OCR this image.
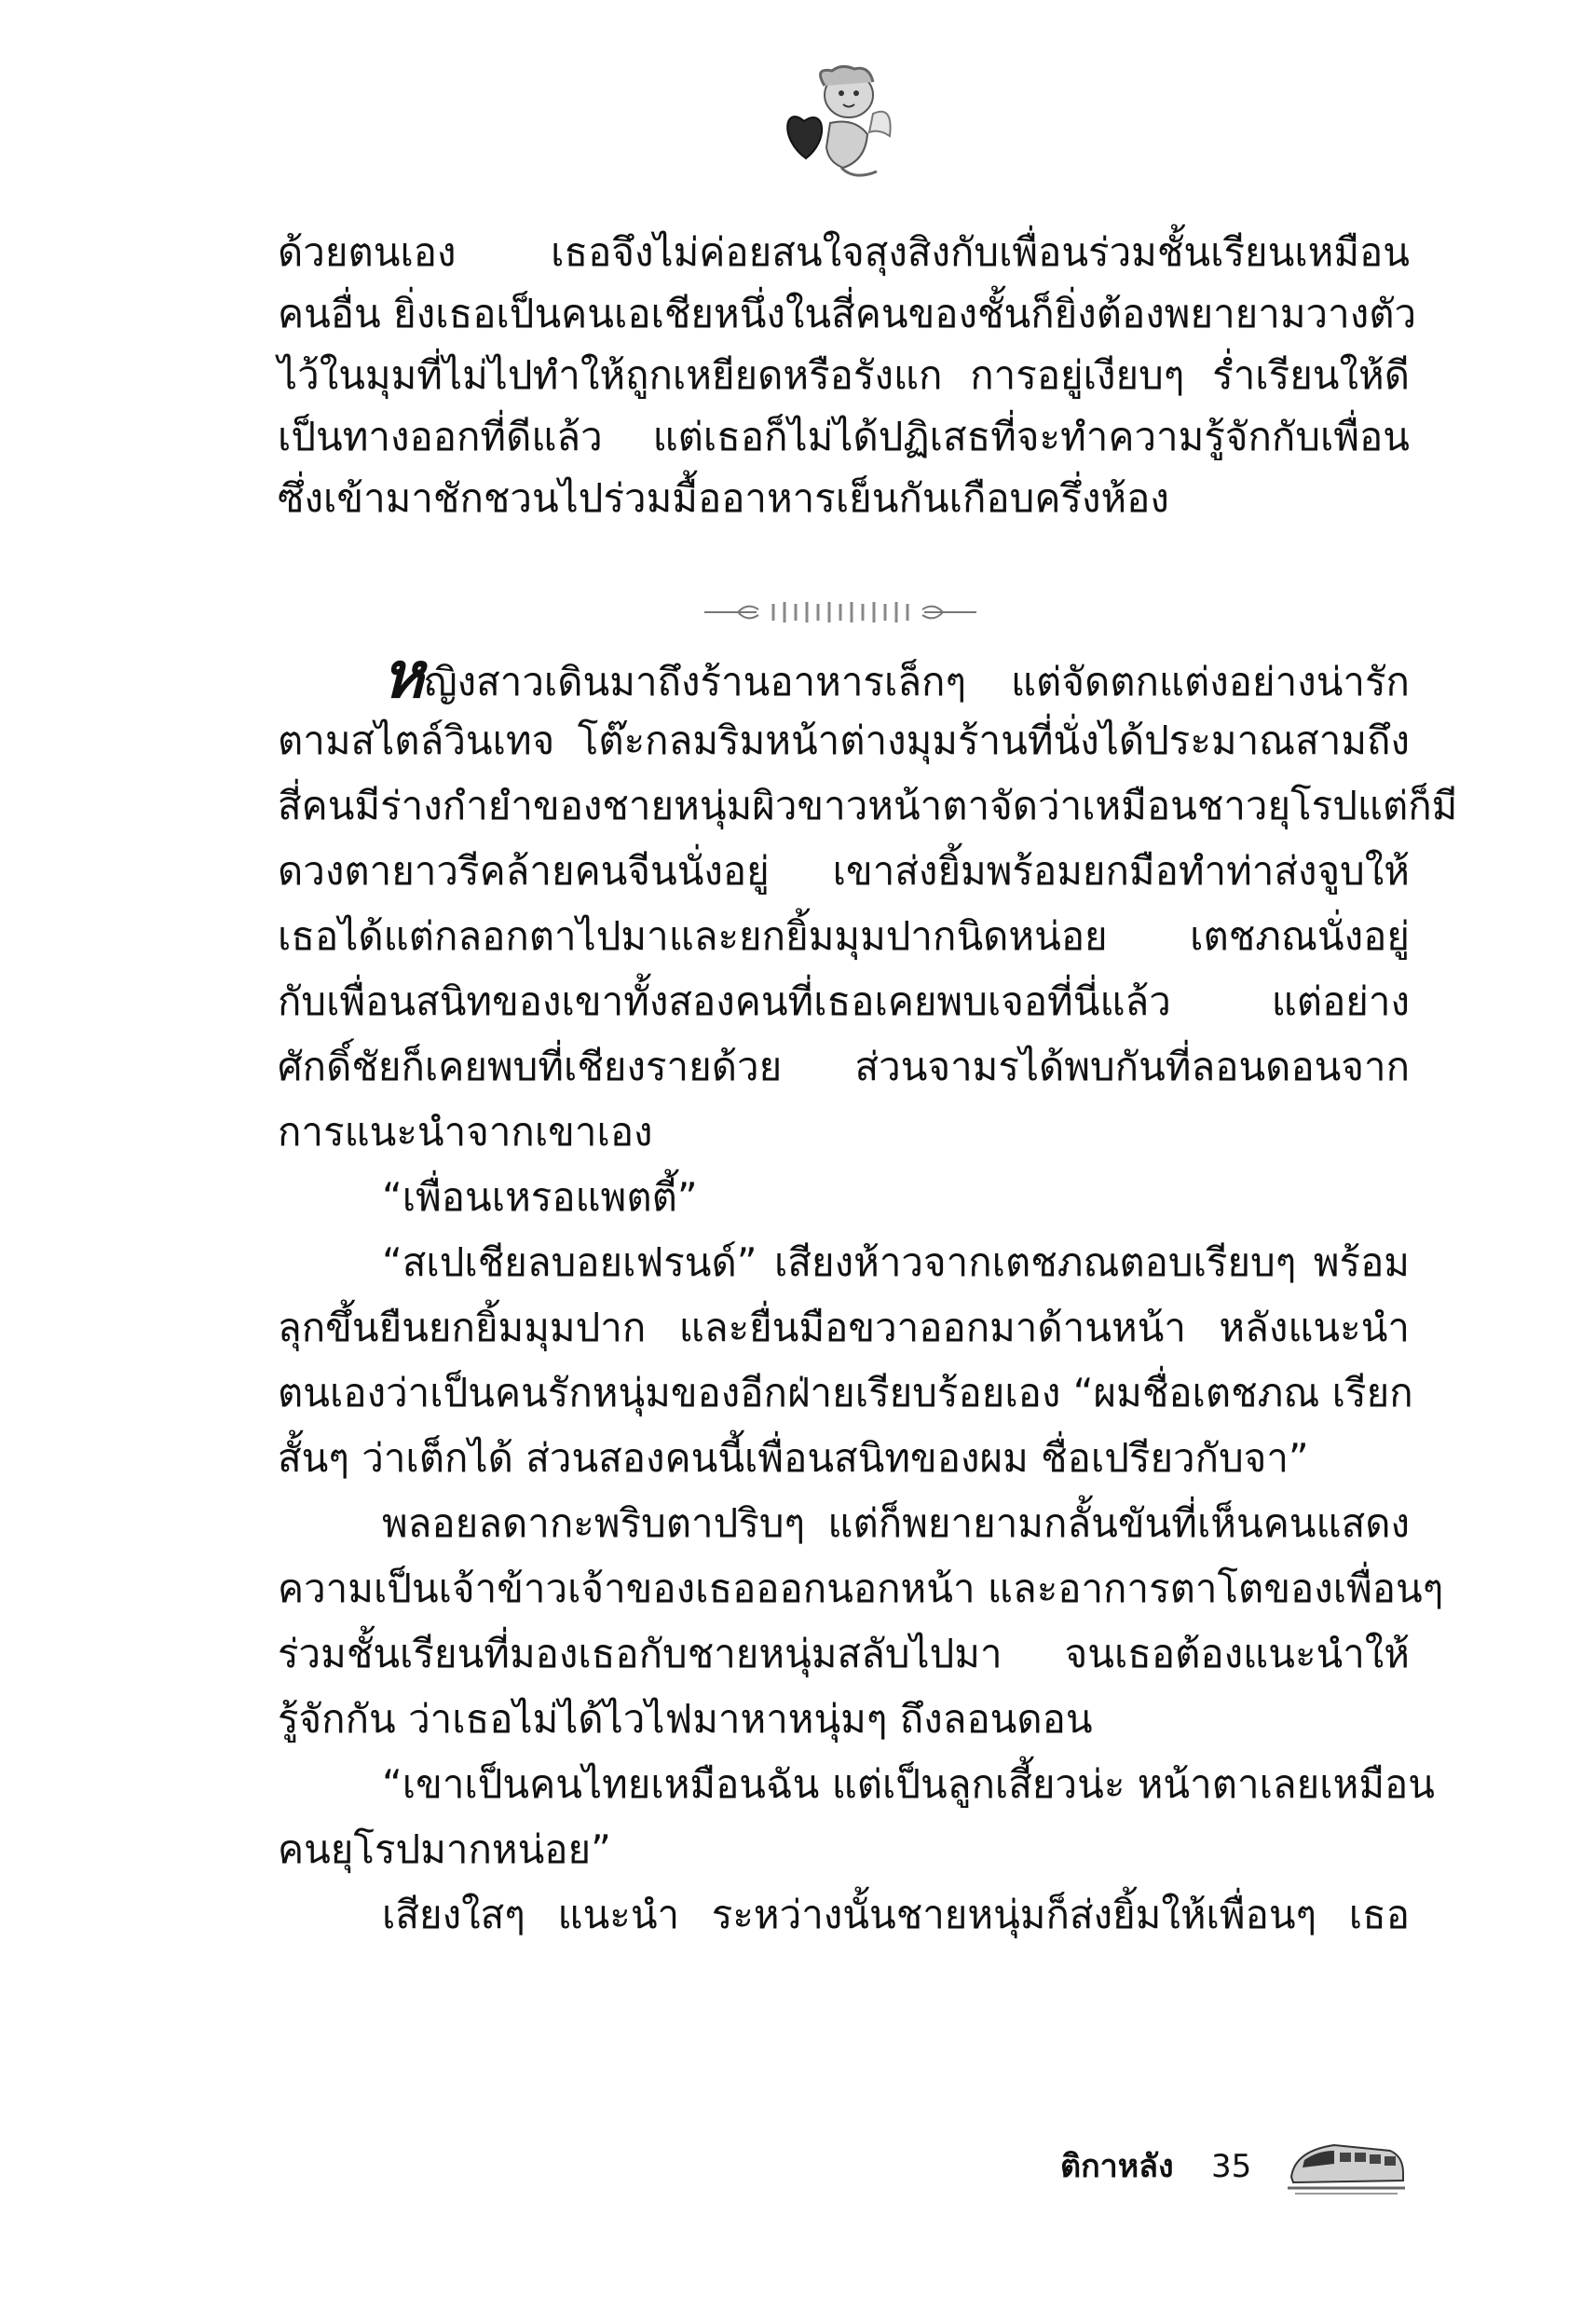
ด้วยตนเอง เธอจึงไม่ค่อยสนใจสุงสิงกับเพื่อนร่วมชั้นเรียนเหมือน
คนอื่น ยิ่งเธอเป็นคนเอเชียหนึ่งในสี่คนของชั้นก็ยิ่งต้องพยายามวางตัว
ไว้ในมุมที่ไม่ไปทำให้ถูกเหยียดหรือรังแก การอยู่เงียบๆ ร่ำเรียนให้ดี
เป็นทางออกที่ดีแล้ว แต่เธอก็ไม่ได้ปฏิเสธที่จะทำความรู้จักกับเพื่อน
ซึ่งเข้ามาชักชวนไปร่วมมื้ออาหารเย็นกันเกือบครึ่งห้อง
หญิงสาวเดินมาถึงร้านอาหารเล็กๆ แต่จัดตกแต่งอย่างน่ารัก
ตามสไตล์วินเทจ โต๊ะกลมริมหน้าต่างมุมร้านที่นั่งได้ประมาณสามถึง
สี่คนมีร่างกำยำของชายหนุ่มผิวขาวหน้าตาจัดว่าเหมือนชาวยุโรปแต่ก็มี
ดวงตายาวรีคล้ายคนจีนนั่งอยู่ เขาส่งยิ้มพร้อมยกมือทำท่าส่งจูบให้
เธอได้แต่กลอกตาไปมาและยกยิ้มมุมปากนิดหน่อย เตชภณนั่งอยู่
กับเพื่อนสนิทของเขาทั้งสองคนที่เธอเคยพบเจอที่นี่แล้ว แต่อย่าง
ศักดิ์ชัยก็เคยพบที่เชียงรายด้วย ส่วนจามรได้พบกันที่ลอนดอนจาก
การแนะนำจากเขาเอง
“เพื่อนเหรอแพตตี้”
“สเปเชียลบอยเฟรนด์” เสียงห้าวจากเตชภณตอบเรียบๆ พร้อม
ลุกขึ้นยืนยกยิ้มมุมปาก และยื่นมือขวาออกมาด้านหน้า หลังแนะนำ
ตนเองว่าเป็นคนรักหนุ่มของอีกฝ่ายเรียบร้อยเอง “ผมชื่อเตชภณ เรียก
สั้นๆ ว่าเต็กได้ ส่วนสองคนนี้เพื่อนสนิทของผม ชื่อเปรียวกับจา”
พลอยลดากะพริบตาปริบๆ แต่ก็พยายามกลั้นขันที่เห็นคนแสดง
ความเป็นเจ้าข้าวเจ้าของเธอออกนอกหน้า และอาการตาโตของเพื่อนๆ
ร่วมชั้นเรียนที่มองเธอกับชายหนุ่มสลับไปมา จนเธอต้องแนะนำให้
รู้จักกัน ว่าเธอไม่ได้ไวไฟมาหาหนุ่มๆ ถึงลอนดอน
“เขาเป็นคนไทยเหมือนฉัน แต่เป็นลูกเสี้ยวน่ะ หน้าตาเลยเหมือน
คนยุโรปมากหน่อย”
เสียงใสๆ แนะนำ ระหว่างนั้นชายหนุ่มก็ส่งยิ้มให้เพื่อนๆ เธอ
ติกาหลัง 35
